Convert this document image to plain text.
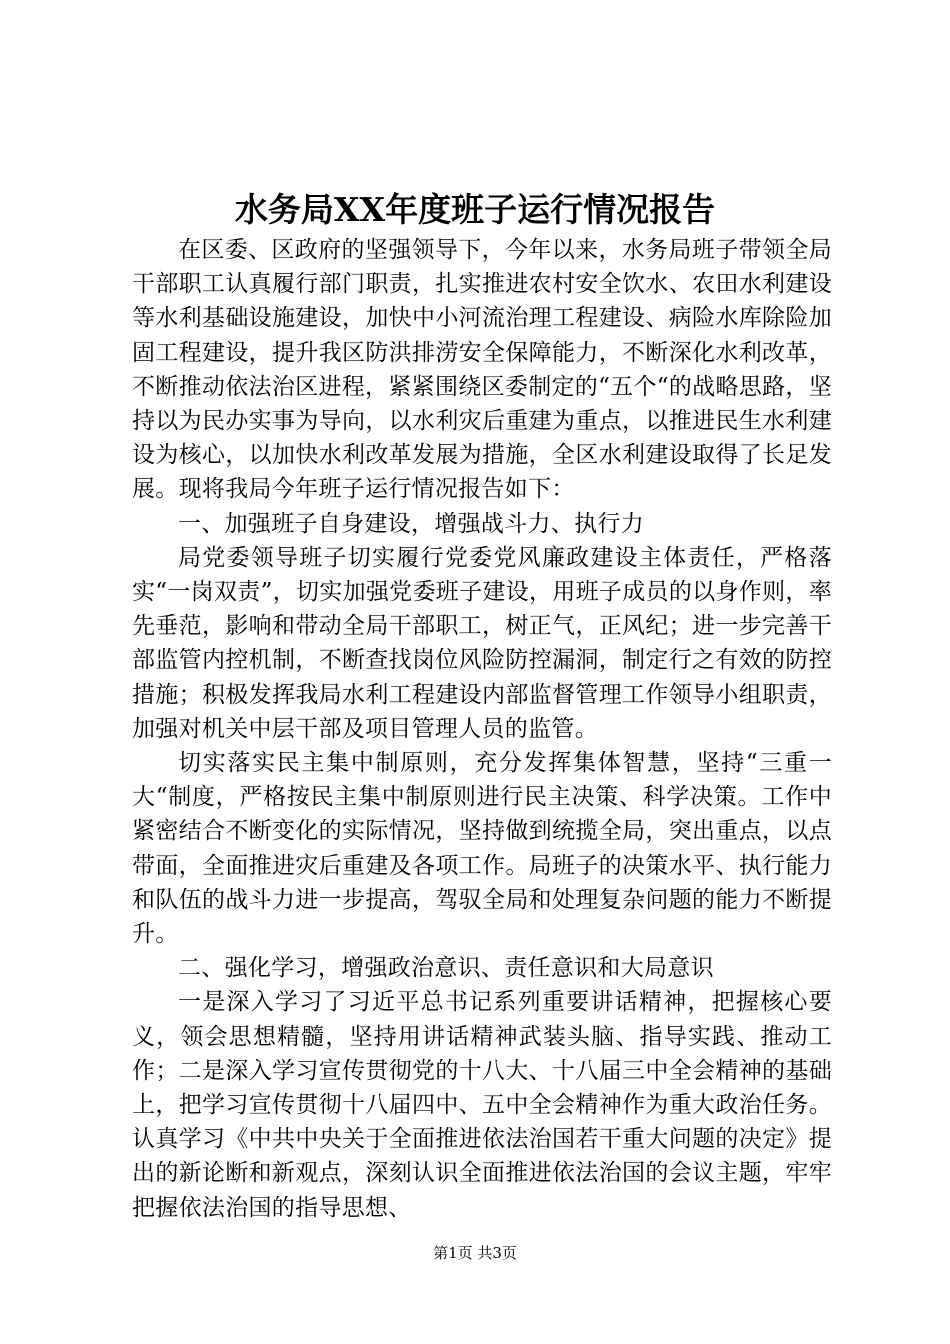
水务局XX年度班子运行情况报告

在区委、区政府的坚强领导下，今年以来，水务局班子带领全局干部职工认真履行部门职责，扎实推进农村安全饮水、农田水利建设等水利基础设施建设，加快中小河流治理工程建设、病险水库除险加固工程建设，提升我区防洪排涝安全保障能力，不断深化水利改革，不断推动依法治区进程，紧紧围绕区委制定的“五个“的战略思路，坚持以为民办实事为导向，以水利灾后重建为重点，以推进民生水利建设为核心，以加快水利改革发展为措施，全区水利建设取得了长足发展。现将我局今年班子运行情况报告如下：

一、加强班子自身建设，增强战斗力、执行力

局党委领导班子切实履行党委党风廉政建设主体责任，严格落实“一岗双责”，切实加强党委班子建设，用班子成员的以身作则，率先垂范，影响和带动全局干部职工，树正气，正风纪；进一步完善干部监管内控机制，不断查找岗位风险防控漏洞，制定行之有效的防控措施；积极发挥我局水利工程建设内部监督管理工作领导小组职责，加强对机关中层干部及项目管理人员的监管。

切实落实民主集中制原则，充分发挥集体智慧，坚持“三重一大“制度，严格按民主集中制原则进行民主决策、科学决策。工作中紧密结合不断变化的实际情况，坚持做到统揽全局，突出重点，以点带面，全面推进灾后重建及各项工作。局班子的决策水平、执行能力和队伍的战斗力进一步提高，驾驭全局和处理复杂问题的能力不断提升。

二、强化学习，增强政治意识、责任意识和大局意识

一是深入学习了习近平总书记系列重要讲话精神，把握核心要义，领会思想精髓，坚持用讲话精神武装头脑、指导实践、推动工作；二是深入学习宣传贯彻党的十八大、十八届三中全会精神的基础上，把学习宣传贯彻十八届四中、五中全会精神作为重大政治任务。认真学习《中共中央关于全面推进依法治国若干重大问题的决定》提出的新论断和新观点，深刻认识全面推进依法治国的会议主题，牢牢把握依法治国的指导思想、

第1页 共3页
